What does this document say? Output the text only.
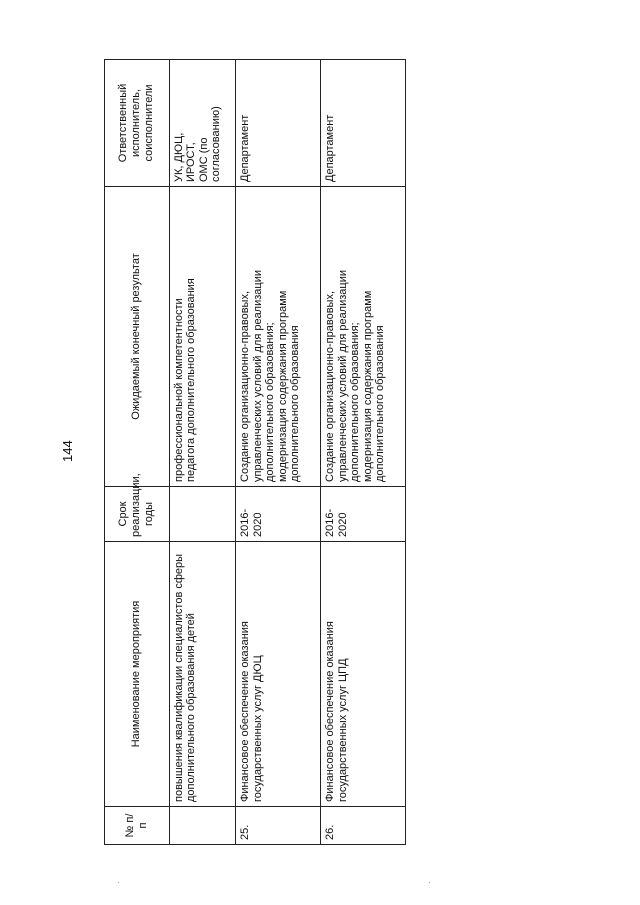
144
№ п/п	Наименование мероприятия	Срок реализации, годы	Ожидаемый конечный результат	Ответственный исполнитель, соисполнители

	повышения квалификации специалистов сферы дополнительного образования детей		профессиональной компетентности педагога дополнительного образования	УК, ДЮЦ, ИРОСТ, ОМС (по согласованию)

25.	Финансовое обеспечение оказания государственных услуг ДЮЦ	2016-2020	Создание организационно-правовых, управленческих условий для реализации дополнительного образования; модернизация содержания программ дополнительного образования	Департамент

26.	Финансовое обеспечение оказания государственных услуг ЦПД	2016-2020	Создание организационно-правовых, управленческих условий для реализации дополнительного образования; модернизация содержания программ дополнительного образования	Департамент
·	·
